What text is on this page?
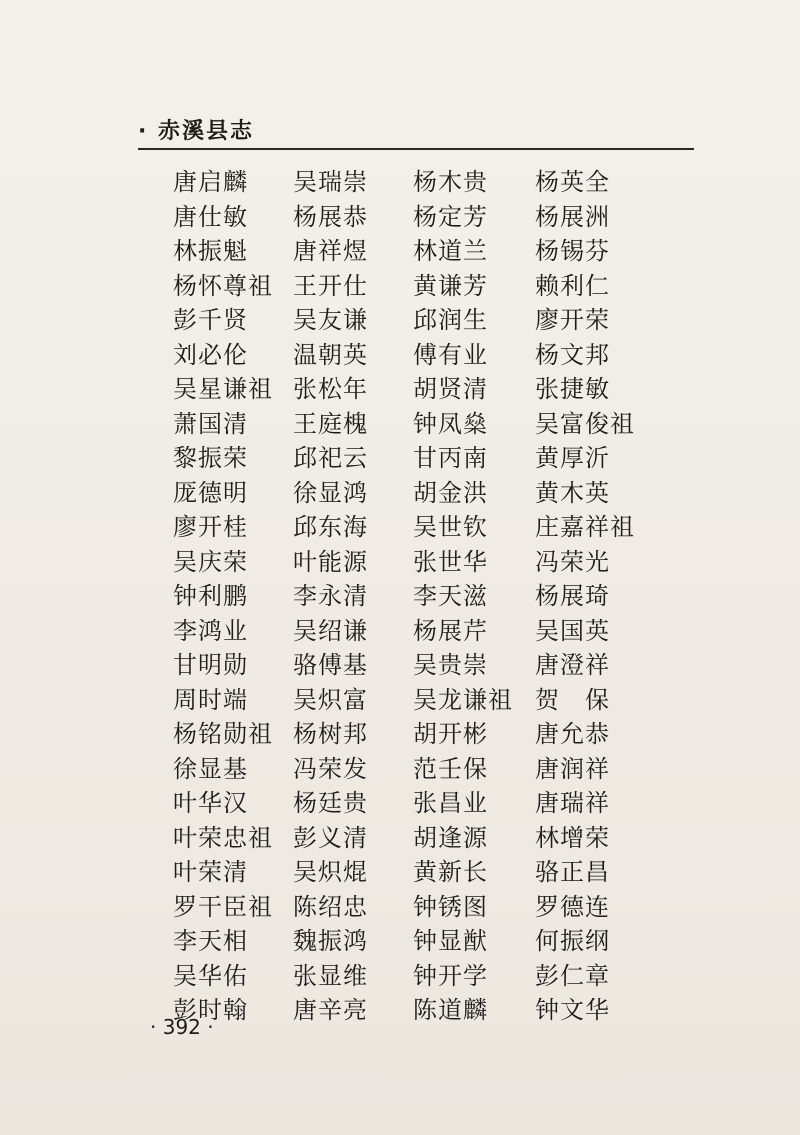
· 赤溪县志
唐启麟 吴瑞崇 杨木贵 杨英全
唐仕敏 杨展恭 杨定芳 杨展洲
林振魁 唐祥煜 林道兰 杨锡芬
杨怀尊祖 王开仕 黄谦芳 赖利仁
彭千贤 吴友谦 邱润生 廖开荣
刘必伦 温朝英 傅有业 杨文邦
吴星谦祖 张松年 胡贤清 张捷敏
萧国清 王庭槐 钟凤燊 吴富俊祖
黎振荣 邱祀云 甘丙南 黄厚沂
厐德明 徐显鸿 胡金洪 黄木英
廖开桂 邱东海 吴世钦 庄嘉祥祖
吴庆荣 叶能源 张世华 冯荣光
钟利鹏 李永清 李天滋 杨展琦
李鸿业 吴绍谦 杨展芹 吴国英
甘明勋 骆傅基 吴贵崇 唐澄祥
周时端 吴炽富 吴龙谦祖 贺　保
杨铭勋祖 杨树邦 胡开彬 唐允恭
徐显基 冯荣发 范壬保 唐润祥
叶华汉 杨廷贵 张昌业 唐瑞祥
叶荣忠祖 彭义清 胡逢源 林增荣
叶荣清 吴炽焜 黄新长 骆正昌
罗干臣祖 陈绍忠 钟锈图 罗德连
李天相 魏振鸿 钟显猷 何振纲
吴华佑 张显维 钟开学 彭仁章
彭时翰 唐辛亮 陈道麟 钟文华
· 392 ·
